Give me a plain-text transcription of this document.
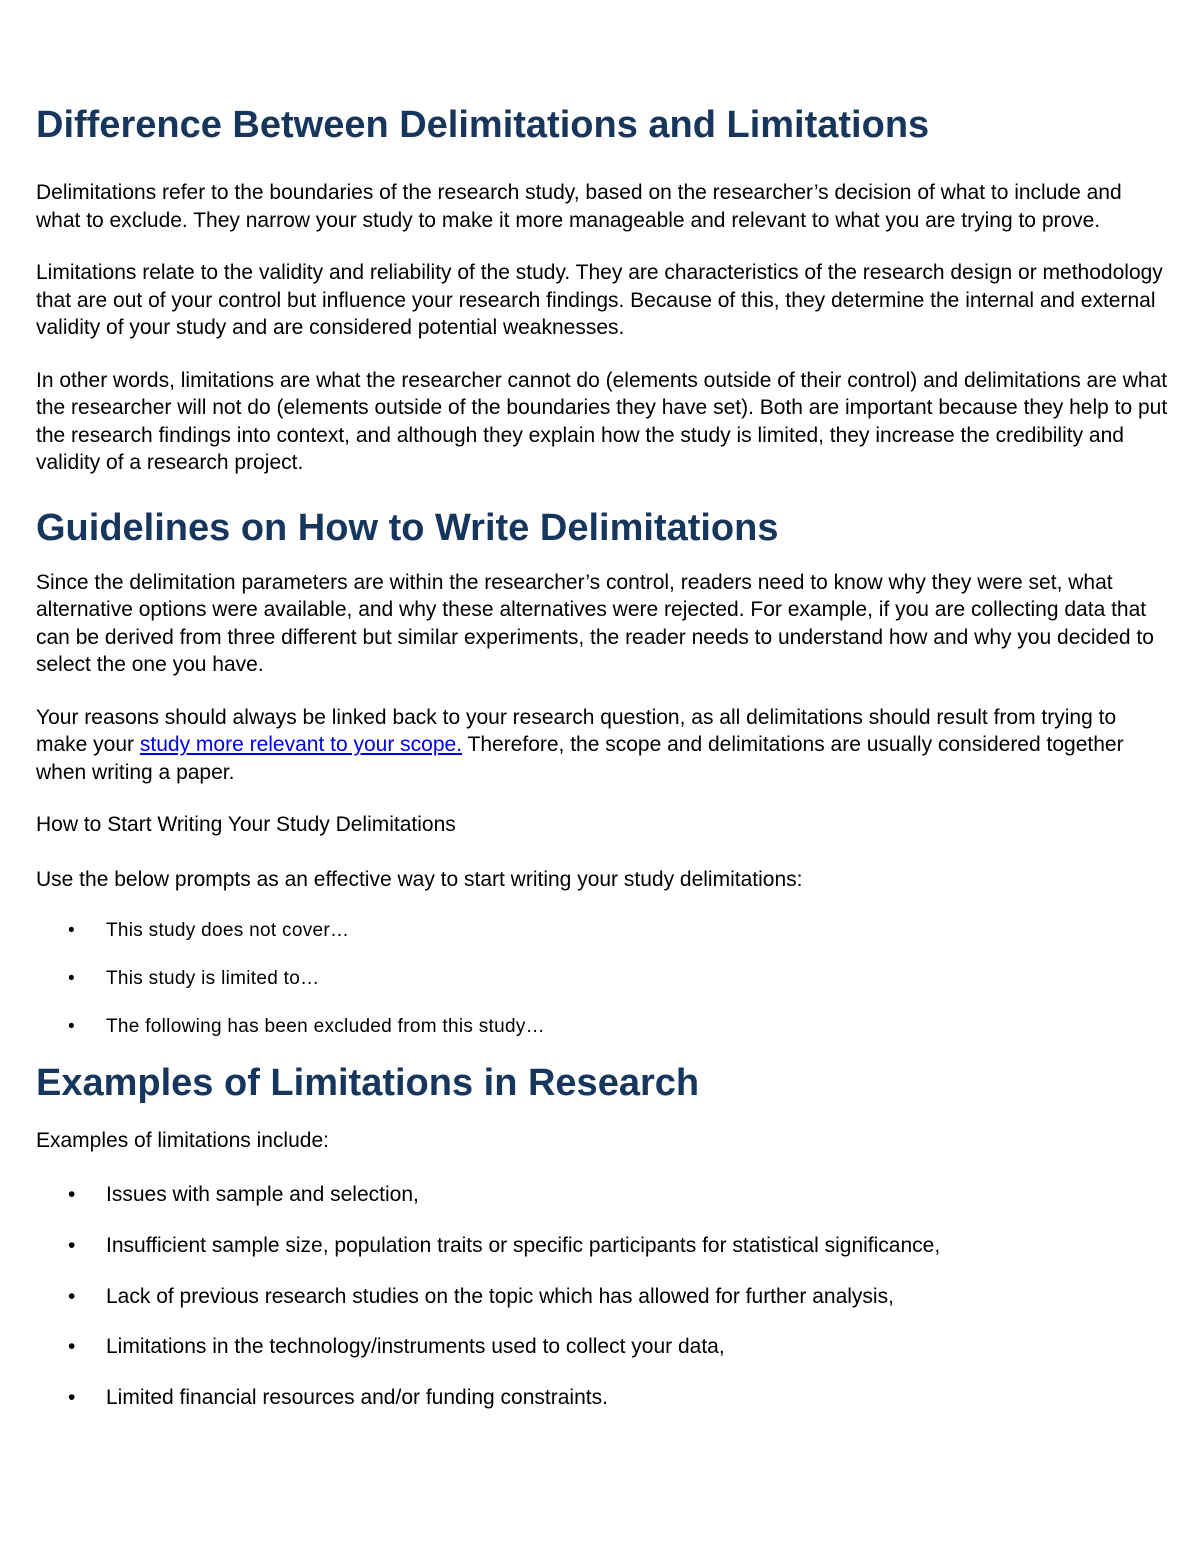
Difference Between Delimitations and Limitations

Delimitations refer to the boundaries of the research study, based on the researcher’s decision of what to include and what to exclude. They narrow your study to make it more manageable and relevant to what you are trying to prove.

Limitations relate to the validity and reliability of the study. They are characteristics of the research design or methodology that are out of your control but influence your research findings. Because of this, they determine the internal and external validity of your study and are considered potential weaknesses.

In other words, limitations are what the researcher cannot do (elements outside of their control) and delimitations are what the researcher will not do (elements outside of the boundaries they have set). Both are important because they help to put the research findings into context, and although they explain how the study is limited, they increase the credibility and validity of a research project.

Guidelines on How to Write Delimitations

Since the delimitation parameters are within the researcher’s control, readers need to know why they were set, what alternative options were available, and why these alternatives were rejected. For example, if you are collecting data that can be derived from three different but similar experiments, the reader needs to understand how and why you decided to select the one you have.

Your reasons should always be linked back to your research question, as all delimitations should result from trying to make your study more relevant to your scope. Therefore, the scope and delimitations are usually considered together when writing a paper.

How to Start Writing Your Study Delimitations

Use the below prompts as an effective way to start writing your study delimitations:

• This study does not cover…
• This study is limited to…
• The following has been excluded from this study…
Examples of Limitations in Research

Examples of limitations include:

• Issues with sample and selection,
• Insufficient sample size, population traits or specific participants for statistical significance,
• Lack of previous research studies on the topic which has allowed for further analysis,
• Limitations in the technology/instruments used to collect your data,
• Limited financial resources and/or funding constraints.
